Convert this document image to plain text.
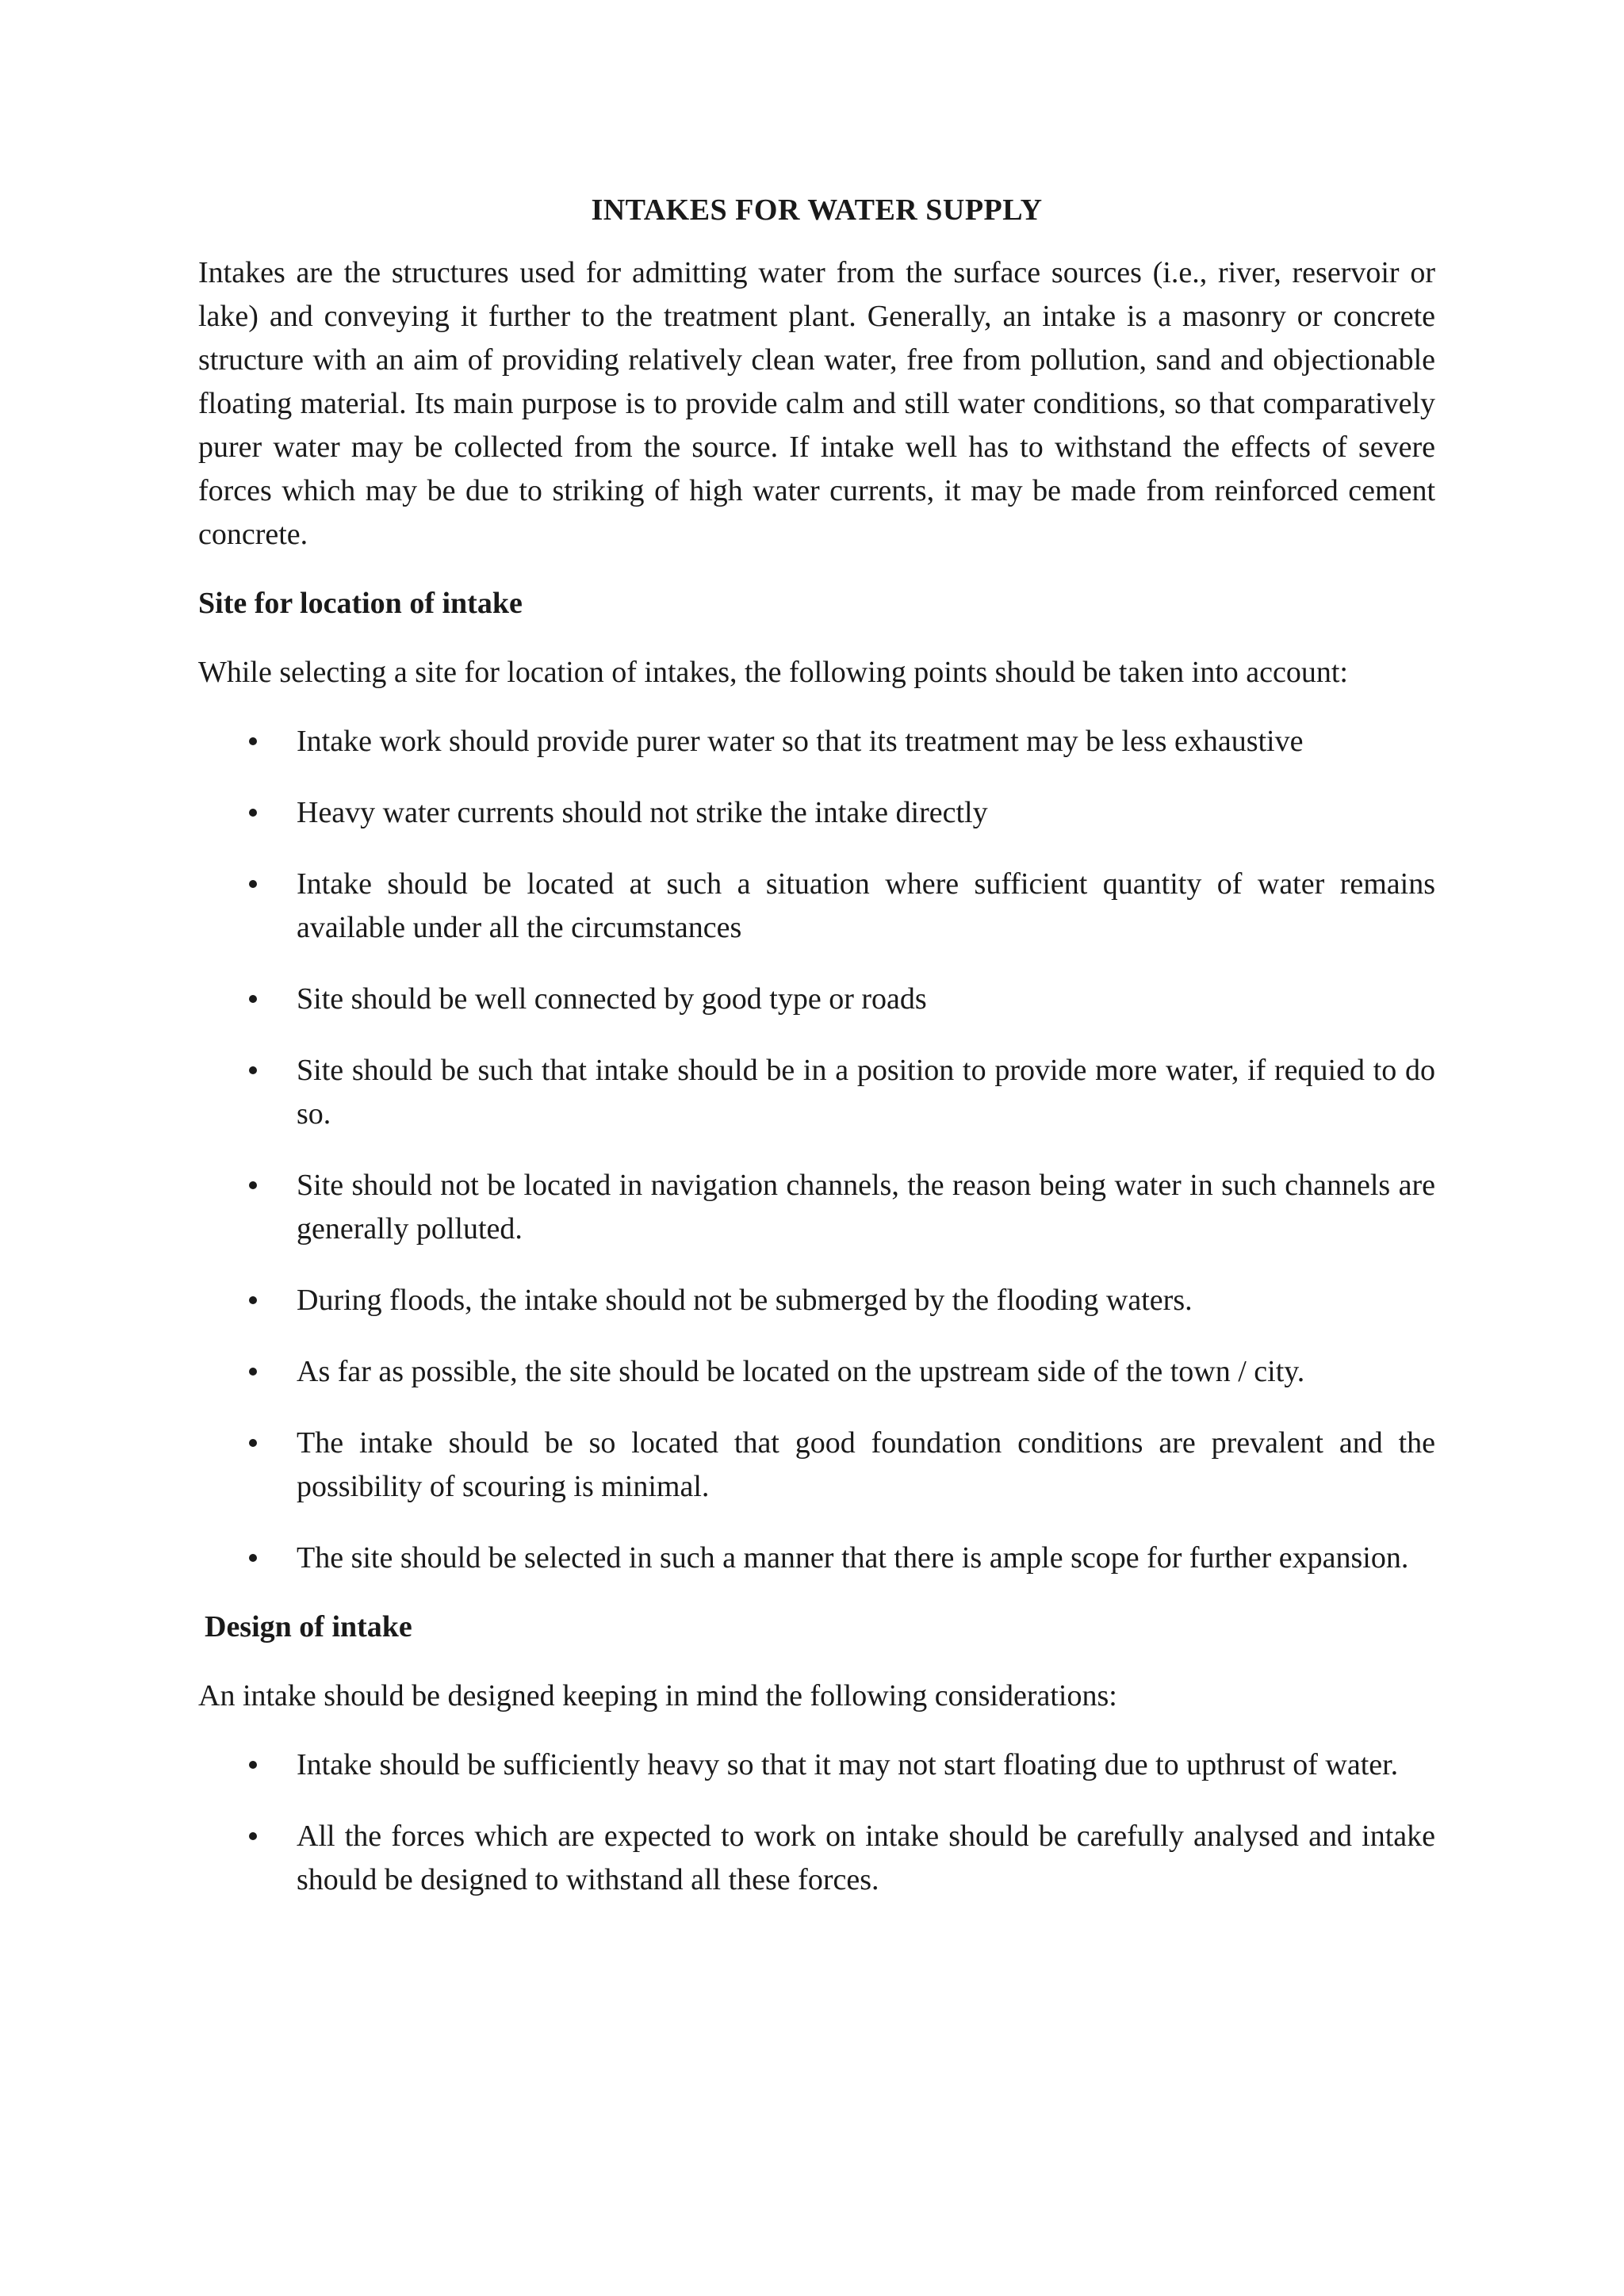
INTAKES FOR WATER SUPPLY

Intakes are the structures used for admitting water from the surface sources (i.e., river, reservoir or lake) and conveying it further to the treatment plant. Generally, an intake is a masonry or concrete structure with an aim of providing relatively clean water, free from pollution, sand and objectionable floating material. Its main purpose is to provide calm and still water conditions, so that comparatively purer water may be collected from the source. If intake well has to withstand the effects of severe forces which may be due to striking of high water currents, it may be made from reinforced cement concrete.

Site for location of intake

While selecting a site for location of intakes, the following points should be taken into account:

Intake work should provide purer water so that its treatment may be less exhaustive
Heavy water currents should not strike the intake directly
Intake should be located at such a situation where sufficient quantity of water remains available under all the circumstances
Site should be well connected by good type or roads
Site should be such that intake should be in a position to provide more water, if requied to do so.
Site should not be located in navigation channels, the reason being water in such channels are generally polluted.
During floods, the intake should not be submerged by the flooding waters.
As far as possible, the site should be located on the upstream side of the town / city.
The intake should be so located that good foundation conditions are prevalent and the possibility of scouring is minimal.
The site should be selected in such a manner that there is ample scope for further expansion.
Design of intake

An intake should be designed keeping in mind the following considerations:

Intake should be sufficiently heavy so that it may not start floating due to upthrust of water.
All the forces which are expected to work on intake should be carefully analysed and intake should be designed to withstand all these forces.
